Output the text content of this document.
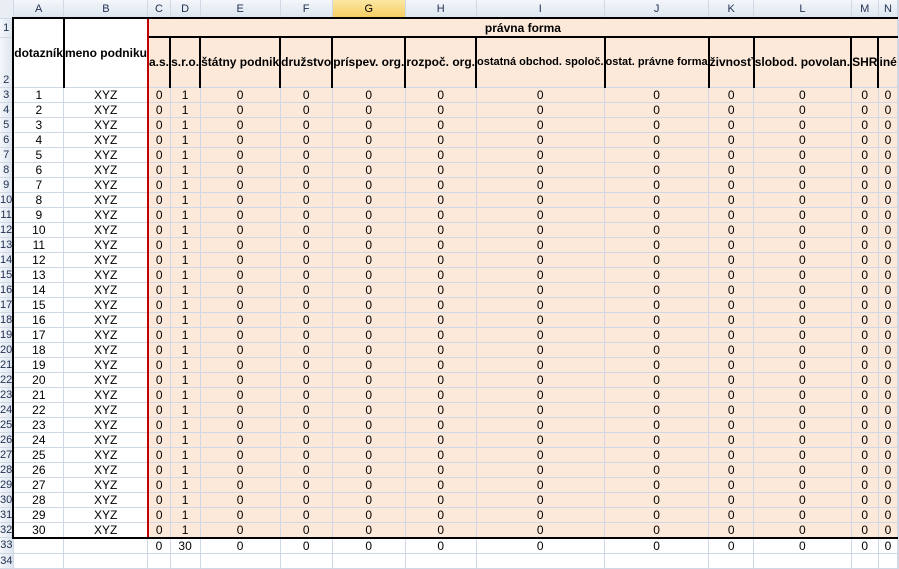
	A	B	C	D	E	F	G	H	I	J	K	L	M	N	
1	dotazník	meno podniku	právna forma												
2			a.s.	s.r.o.	štátny podnik	družstvo	príspev. org.	rozpoč. org.	ostatná obchod. spoloč.	ostat. právne forma	živnosť	slobod. povolan.	SHR	iné	
3	1	XYZ	0	1	0	0	0	0	0	0	0	0	0	0	
4	2	XYZ	0	1	0	0	0	0	0	0	0	0	0	0	
5	3	XYZ	0	1	0	0	0	0	0	0	0	0	0	0	
6	4	XYZ	0	1	0	0	0	0	0	0	0	0	0	0	
7	5	XYZ	0	1	0	0	0	0	0	0	0	0	0	0	
8	6	XYZ	0	1	0	0	0	0	0	0	0	0	0	0	
9	7	XYZ	0	1	0	0	0	0	0	0	0	0	0	0	
10	8	XYZ	0	1	0	0	0	0	0	0	0	0	0	0	
11	9	XYZ	0	1	0	0	0	0	0	0	0	0	0	0	
12	10	XYZ	0	1	0	0	0	0	0	0	0	0	0	0	
13	11	XYZ	0	1	0	0	0	0	0	0	0	0	0	0	
14	12	XYZ	0	1	0	0	0	0	0	0	0	0	0	0	
15	13	XYZ	0	1	0	0	0	0	0	0	0	0	0	0	
16	14	XYZ	0	1	0	0	0	0	0	0	0	0	0	0	
17	15	XYZ	0	1	0	0	0	0	0	0	0	0	0	0	
18	16	XYZ	0	1	0	0	0	0	0	0	0	0	0	0	
19	17	XYZ	0	1	0	0	0	0	0	0	0	0	0	0	
20	18	XYZ	0	1	0	0	0	0	0	0	0	0	0	0	
21	19	XYZ	0	1	0	0	0	0	0	0	0	0	0	0	
22	20	XYZ	0	1	0	0	0	0	0	0	0	0	0	0	
23	21	XYZ	0	1	0	0	0	0	0	0	0	0	0	0	
24	22	XYZ	0	1	0	0	0	0	0	0	0	0	0	0	
25	23	XYZ	0	1	0	0	0	0	0	0	0	0	0	0	
26	24	XYZ	0	1	0	0	0	0	0	0	0	0	0	0	
27	25	XYZ	0	1	0	0	0	0	0	0	0	0	0	0	
28	26	XYZ	0	1	0	0	0	0	0	0	0	0	0	0	
29	27	XYZ	0	1	0	0	0	0	0	0	0	0	0	0	
30	28	XYZ	0	1	0	0	0	0	0	0	0	0	0	0	
31	29	XYZ	0	1	0	0	0	0	0	0	0	0	0	0	
32	30	XYZ	0	1	0	0	0	0	0	0	0	0	0	0	
33			0	30	0	0	0	0	0	0	0	0	0	0	
34															
